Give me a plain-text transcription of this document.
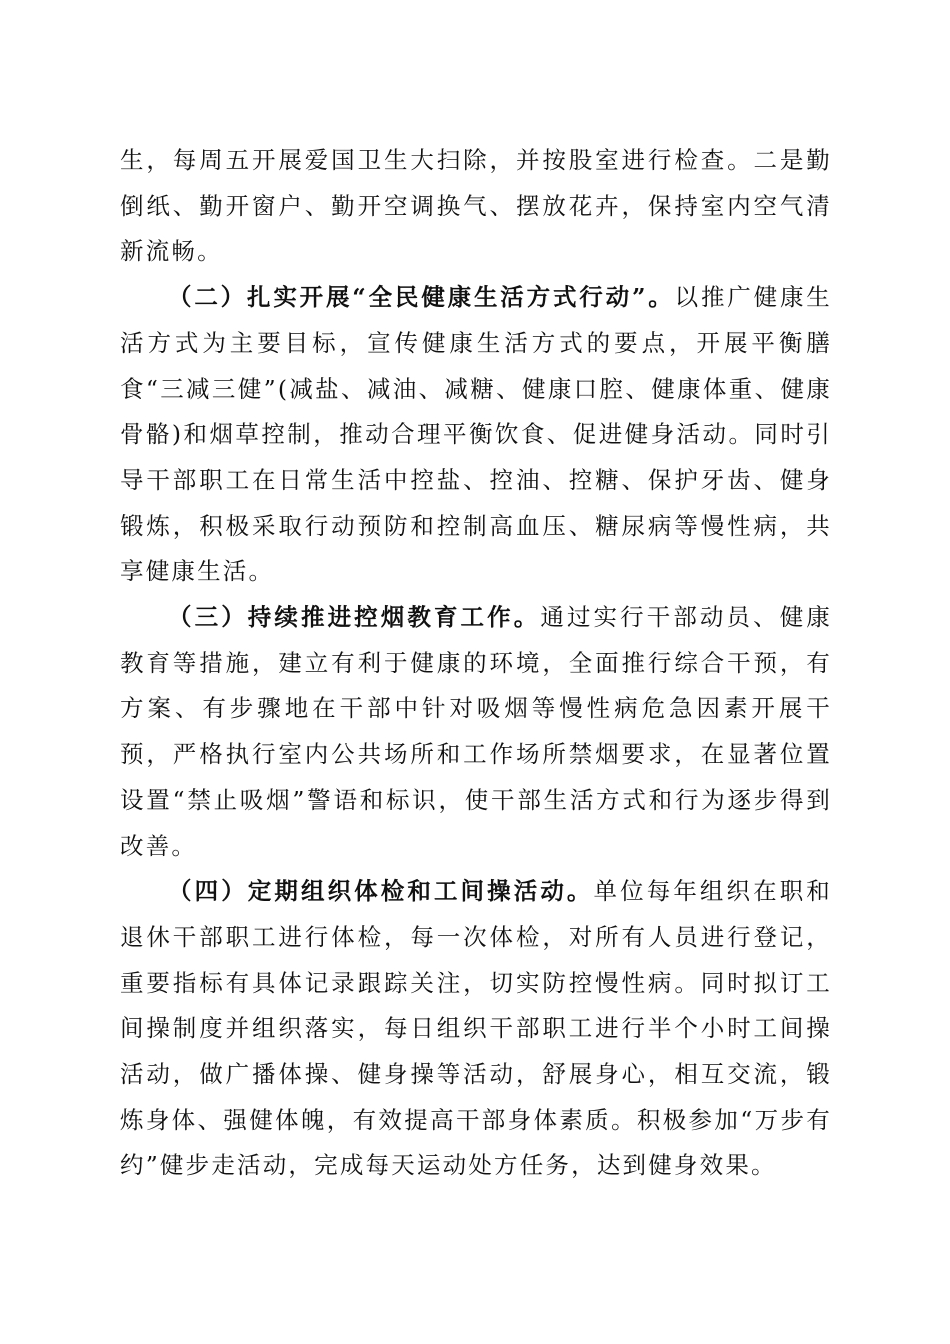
生，每周五开展爱国卫生大扫除，并按股室进行检查。二是勤倒纸、勤开窗户、勤开空调换气、摆放花卉，保持室内空气清新流畅。

（二）扎实开展“全民健康生活方式行动”。以推广健康生活方式为主要目标，宣传健康生活方式的要点，开展平衡膳食“三减三健”(减盐、减油、减糖、健康口腔、健康体重、健康骨骼)和烟草控制，推动合理平衡饮食、促进健身活动。同时引导干部职工在日常生活中控盐、控油、控糖、保护牙齿、健身锻炼，积极采取行动预防和控制高血压、糖尿病等慢性病，共享健康生活。

（三）持续推进控烟教育工作。通过实行干部动员、健康教育等措施，建立有利于健康的环境，全面推行综合干预，有方案、有步骤地在干部中针对吸烟等慢性病危急因素开展干预，严格执行室内公共场所和工作场所禁烟要求，在显著位置设置“禁止吸烟”警语和标识，使干部生活方式和行为逐步得到改善。

（四）定期组织体检和工间操活动。单位每年组织在职和退休干部职工进行体检，每一次体检，对所有人员进行登记，重要指标有具体记录跟踪关注，切实防控慢性病。同时拟订工间操制度并组织落实，每日组织干部职工进行半个小时工间操活动，做广播体操、健身操等活动，舒展身心，相互交流，锻炼身体、强健体魄，有效提高干部身体素质。积极参加“万步有约”健步走活动，完成每天运动处方任务，达到健身效果。
